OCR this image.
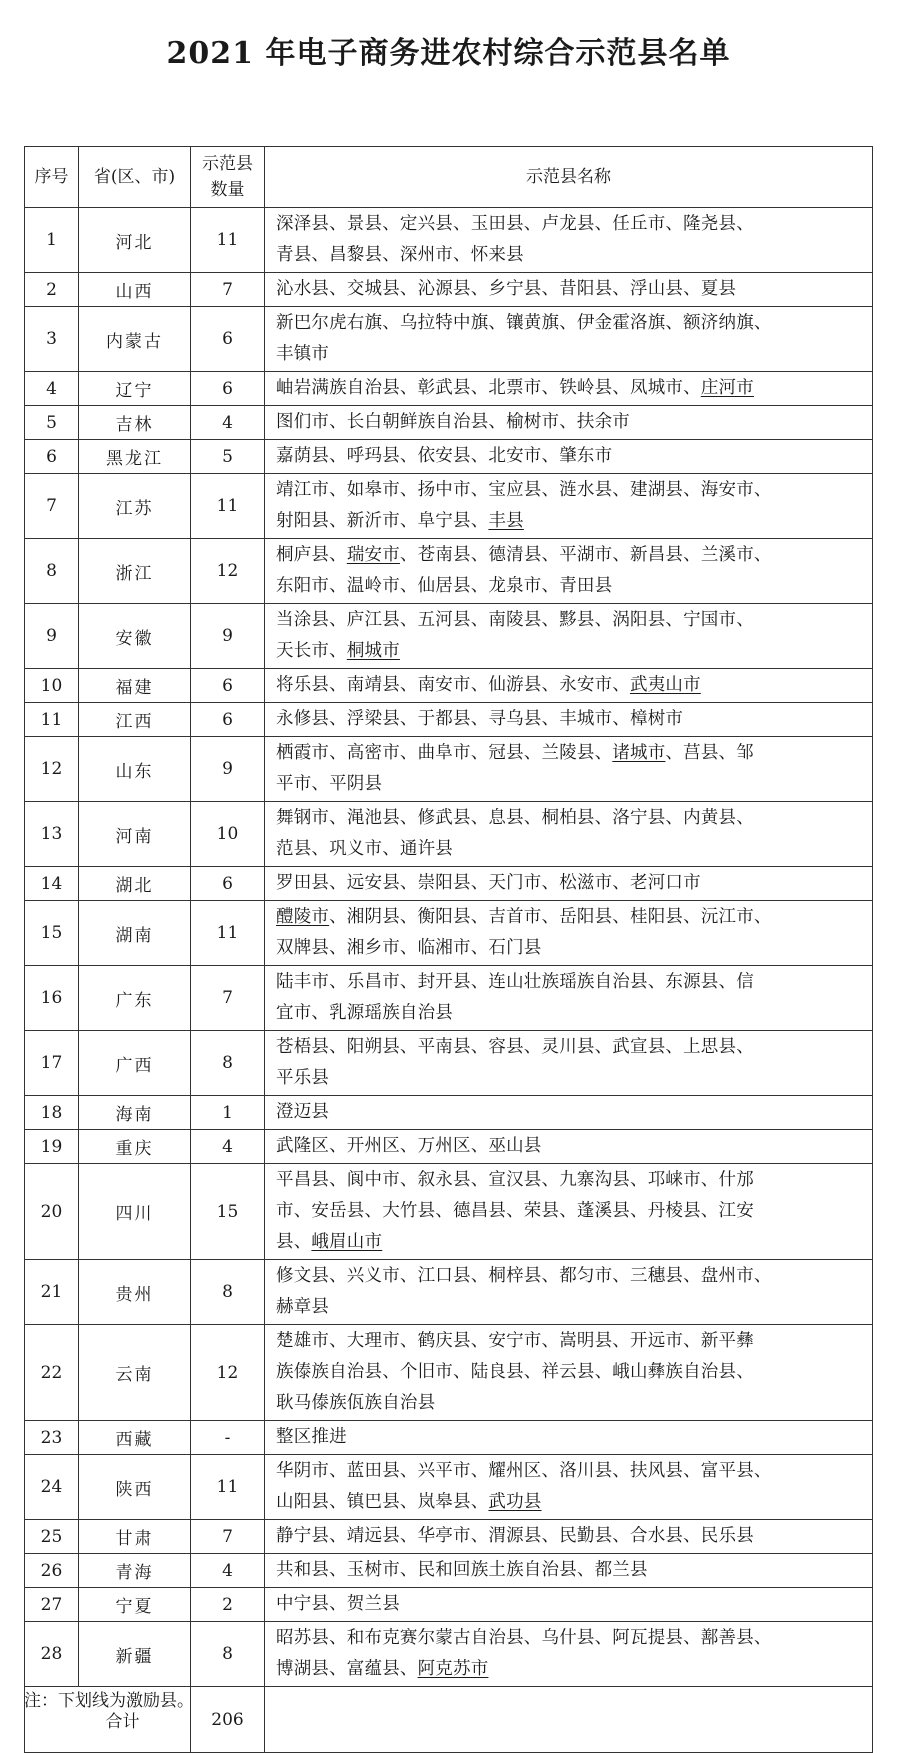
2021 年电子商务进农村综合示范县名单
序号	省(区、市)	示范县数量	示范县名称
1	河北	11	深泽县、景县、定兴县、玉田县、卢龙县、任丘市、隆尧县、
青县、昌黎县、深州市、怀来县

2	山西	7	沁水县、交城县、沁源县、乡宁县、昔阳县、浮山县、夏县

3	内蒙古	6	新巴尔虎右旗、乌拉特中旗、镶黄旗、伊金霍洛旗、额济纳旗、
丰镇市

4	辽宁	6	岫岩满族自治县、彰武县、北票市、铁岭县、凤城市、庄河市

5	吉林	4	图们市、长白朝鲜族自治县、榆树市、扶余市

6	黑龙江	5	嘉荫县、呼玛县、依安县、北安市、肇东市

7	江苏	11	靖江市、如皋市、扬中市、宝应县、涟水县、建湖县、海安市、
射阳县、新沂市、阜宁县、丰县

8	浙江	12	桐庐县、瑞安市、苍南县、德清县、平湖市、新昌县、兰溪市、
东阳市、温岭市、仙居县、龙泉市、青田县

9	安徽	9	当涂县、庐江县、五河县、南陵县、黟县、涡阳县、宁国市、
天长市、桐城市

10	福建	6	将乐县、南靖县、南安市、仙游县、永安市、武夷山市

11	江西	6	永修县、浮梁县、于都县、寻乌县、丰城市、樟树市

12	山东	9	栖霞市、高密市、曲阜市、冠县、兰陵县、诸城市、莒县、邹
平市、平阴县

13	河南	10	舞钢市、渑池县、修武县、息县、桐柏县、洛宁县、内黄县、
范县、巩义市、通许县

14	湖北	6	罗田县、远安县、崇阳县、天门市、松滋市、老河口市

15	湖南	11	醴陵市、湘阴县、衡阳县、吉首市、岳阳县、桂阳县、沅江市、
双牌县、湘乡市、临湘市、石门县

16	广东	7	陆丰市、乐昌市、封开县、连山壮族瑶族自治县、东源县、信
宜市、乳源瑶族自治县

17	广西	8	苍梧县、阳朔县、平南县、容县、灵川县、武宣县、上思县、
平乐县

18	海南	1	澄迈县

19	重庆	4	武隆区、开州区、万州区、巫山县

20	四川	15	平昌县、阆中市、叙永县、宣汉县、九寨沟县、邛崃市、什邡
市、安岳县、大竹县、德昌县、荣县、蓬溪县、丹棱县、江安
县、峨眉山市

21	贵州	8	修文县、兴义市、江口县、桐梓县、都匀市、三穗县、盘州市、
赫章县

22	云南	12	楚雄市、大理市、鹤庆县、安宁市、嵩明县、开远市、新平彝
族傣族自治县、个旧市、陆良县、祥云县、峨山彝族自治县、
耿马傣族佤族自治县

23	西藏	-	整区推进

24	陕西	11	华阴市、蓝田县、兴平市、耀州区、洛川县、扶风县、富平县、
山阳县、镇巴县、岚皋县、武功县

25	甘肃	7	静宁县、靖远县、华亭市、渭源县、民勤县、合水县、民乐县

26	青海	4	共和县、玉树市、民和回族土族自治县、都兰县

27	宁夏	2	中宁县、贺兰县

28	新疆	8	昭苏县、和布克赛尔蒙古自治县、乌什县、阿瓦提县、鄯善县、
博湖县、富蕴县、阿克苏市

合计		206	
注：下划线为激励县。
